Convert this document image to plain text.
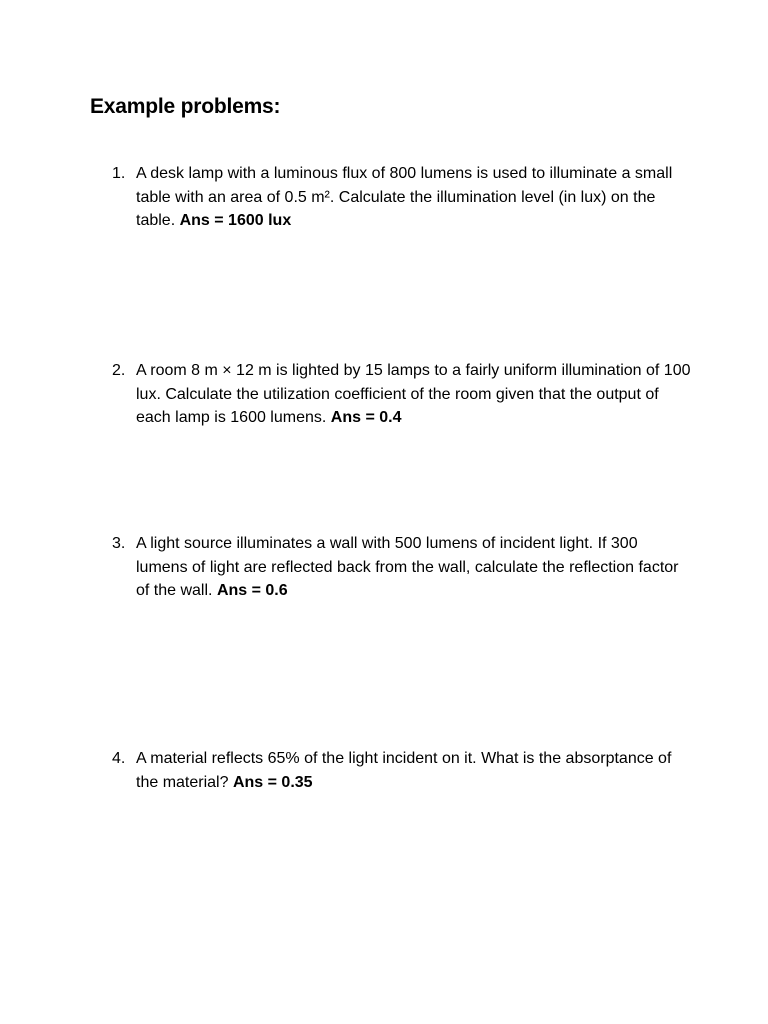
Example problems:
1. A desk lamp with a luminous flux of 800 lumens is used to illuminate a small table with an area of 0.5 m². Calculate the illumination level (in lux) on the table. Ans = 1600 lux
2. A room 8 m × 12 m is lighted by 15 lamps to a fairly uniform illumination of 100 lux. Calculate the utilization coefficient of the room given that the output of each lamp is 1600 lumens. Ans = 0.4
3. A light source illuminates a wall with 500 lumens of incident light. If 300 lumens of light are reflected back from the wall, calculate the reflection factor of the wall. Ans = 0.6
4. A material reflects 65% of the light incident on it. What is the absorptance of the material? Ans = 0.35
